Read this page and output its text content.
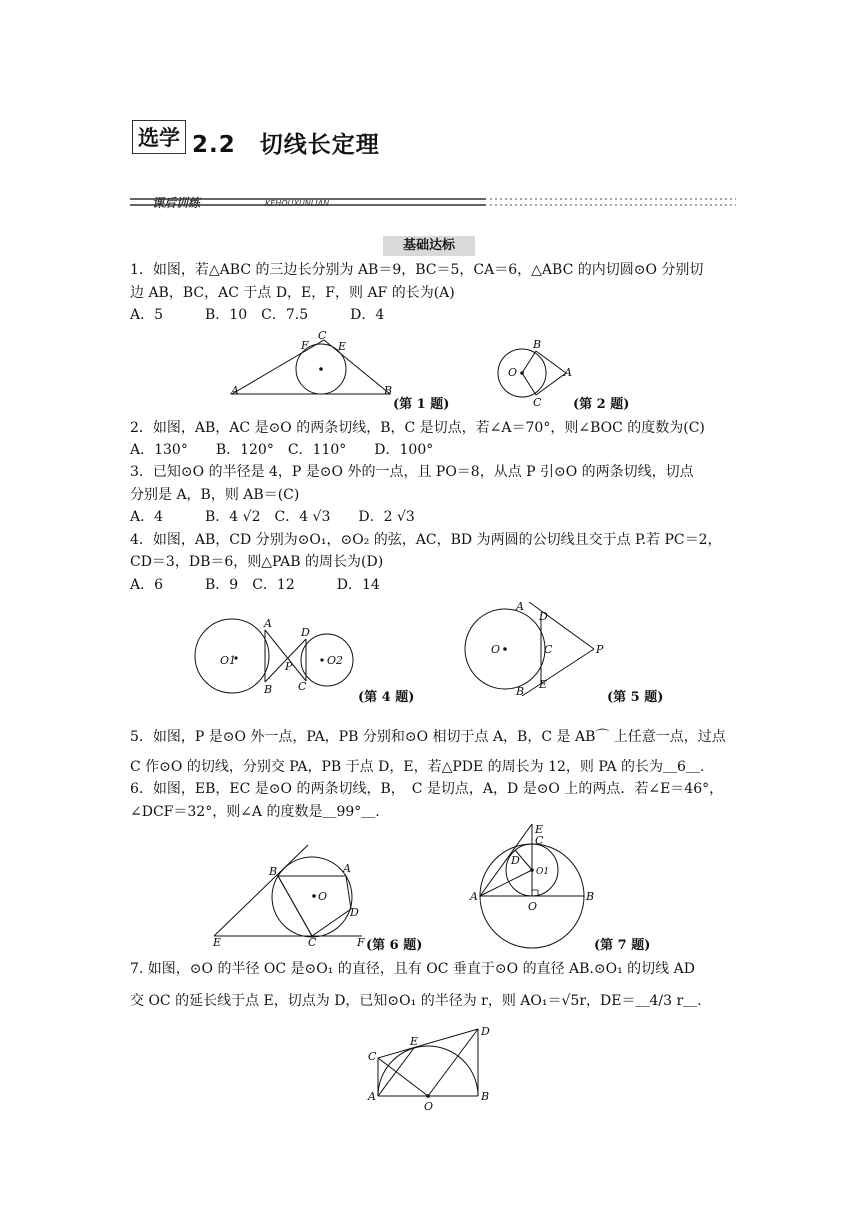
选学 2.2　切线长定理
课后训练	KEHOUXUNLIAN
基础达标
1．如图，若△ABC 的三边长分别为 AB＝9，BC＝5，CA＝6，△ABC 的内切圆⊙O 分别切
边 AB，BC，AC 于点 D，E，F，则 AF 的长为(A)
A．5　　　B．10　C．7.5　　　D．4
C
F	E
A	B
(第 1 题)
O	A
B
C (第 2 题)
2．如图，AB，AC 是⊙O 的两条切线，B，C 是切点，若∠A＝70°，则∠BOC 的度数为(C)
A．130°　　B．120°　C．110°　　D．100°
3．已知⊙O 的半径是 4，P 是⊙O 外的一点，且 PO＝8，从点 P 引⊙O 的两条切线，切点
分别是 A，B，则 AB＝(C)
A．4　　　B．4 √2　C．4 √3　　D．2 √3
4．如图，AB，CD 分别为⊙O₁，⊙O₂ 的弦，AC，BD 为两圆的公切线且交于点 P.若 PC＝2，
CD＝3，DB＝6，则△PAB 的周长为(D)
A．6　　　B．9　C．12　　　D．14
O1	O2
A
B C
D
P
(第 4 题)
O
A
B
C
D
E
P
(第 5 题)
5．如图，P 是⊙O 外一点，PA，PB 分别和⊙O 相切于点 A，B，C 是 AB⌒ 上任意一点，过点
C 作⊙O 的切线，分别交 PA，PB 于点 D，E，若△PDE 的周长为 12，则 PA 的长为＿6＿.
6．如图，EB，EC 是⊙O 的两条切线，B，　C 是切点，A，D 是⊙O 上的两点．若∠E＝46°，
∠DCF＝32°，则∠A 的度数是＿99°＿.
A
B
C
D
E	F
O
(第 6 题)
A	B
C
D
E
O
O1
(第 7 题)
7. 如图，⊙O 的半径 OC 是⊙O₁ 的直径，且有 OC 垂直于⊙O 的直径 AB.⊙O₁ 的切线 AD
交 OC 的延长线于点 E，切点为 D，已知⊙O₁ 的半径为 r，则 AO₁＝√5r，DE＝＿4/3 r＿.
A	B
C
D
E
O
